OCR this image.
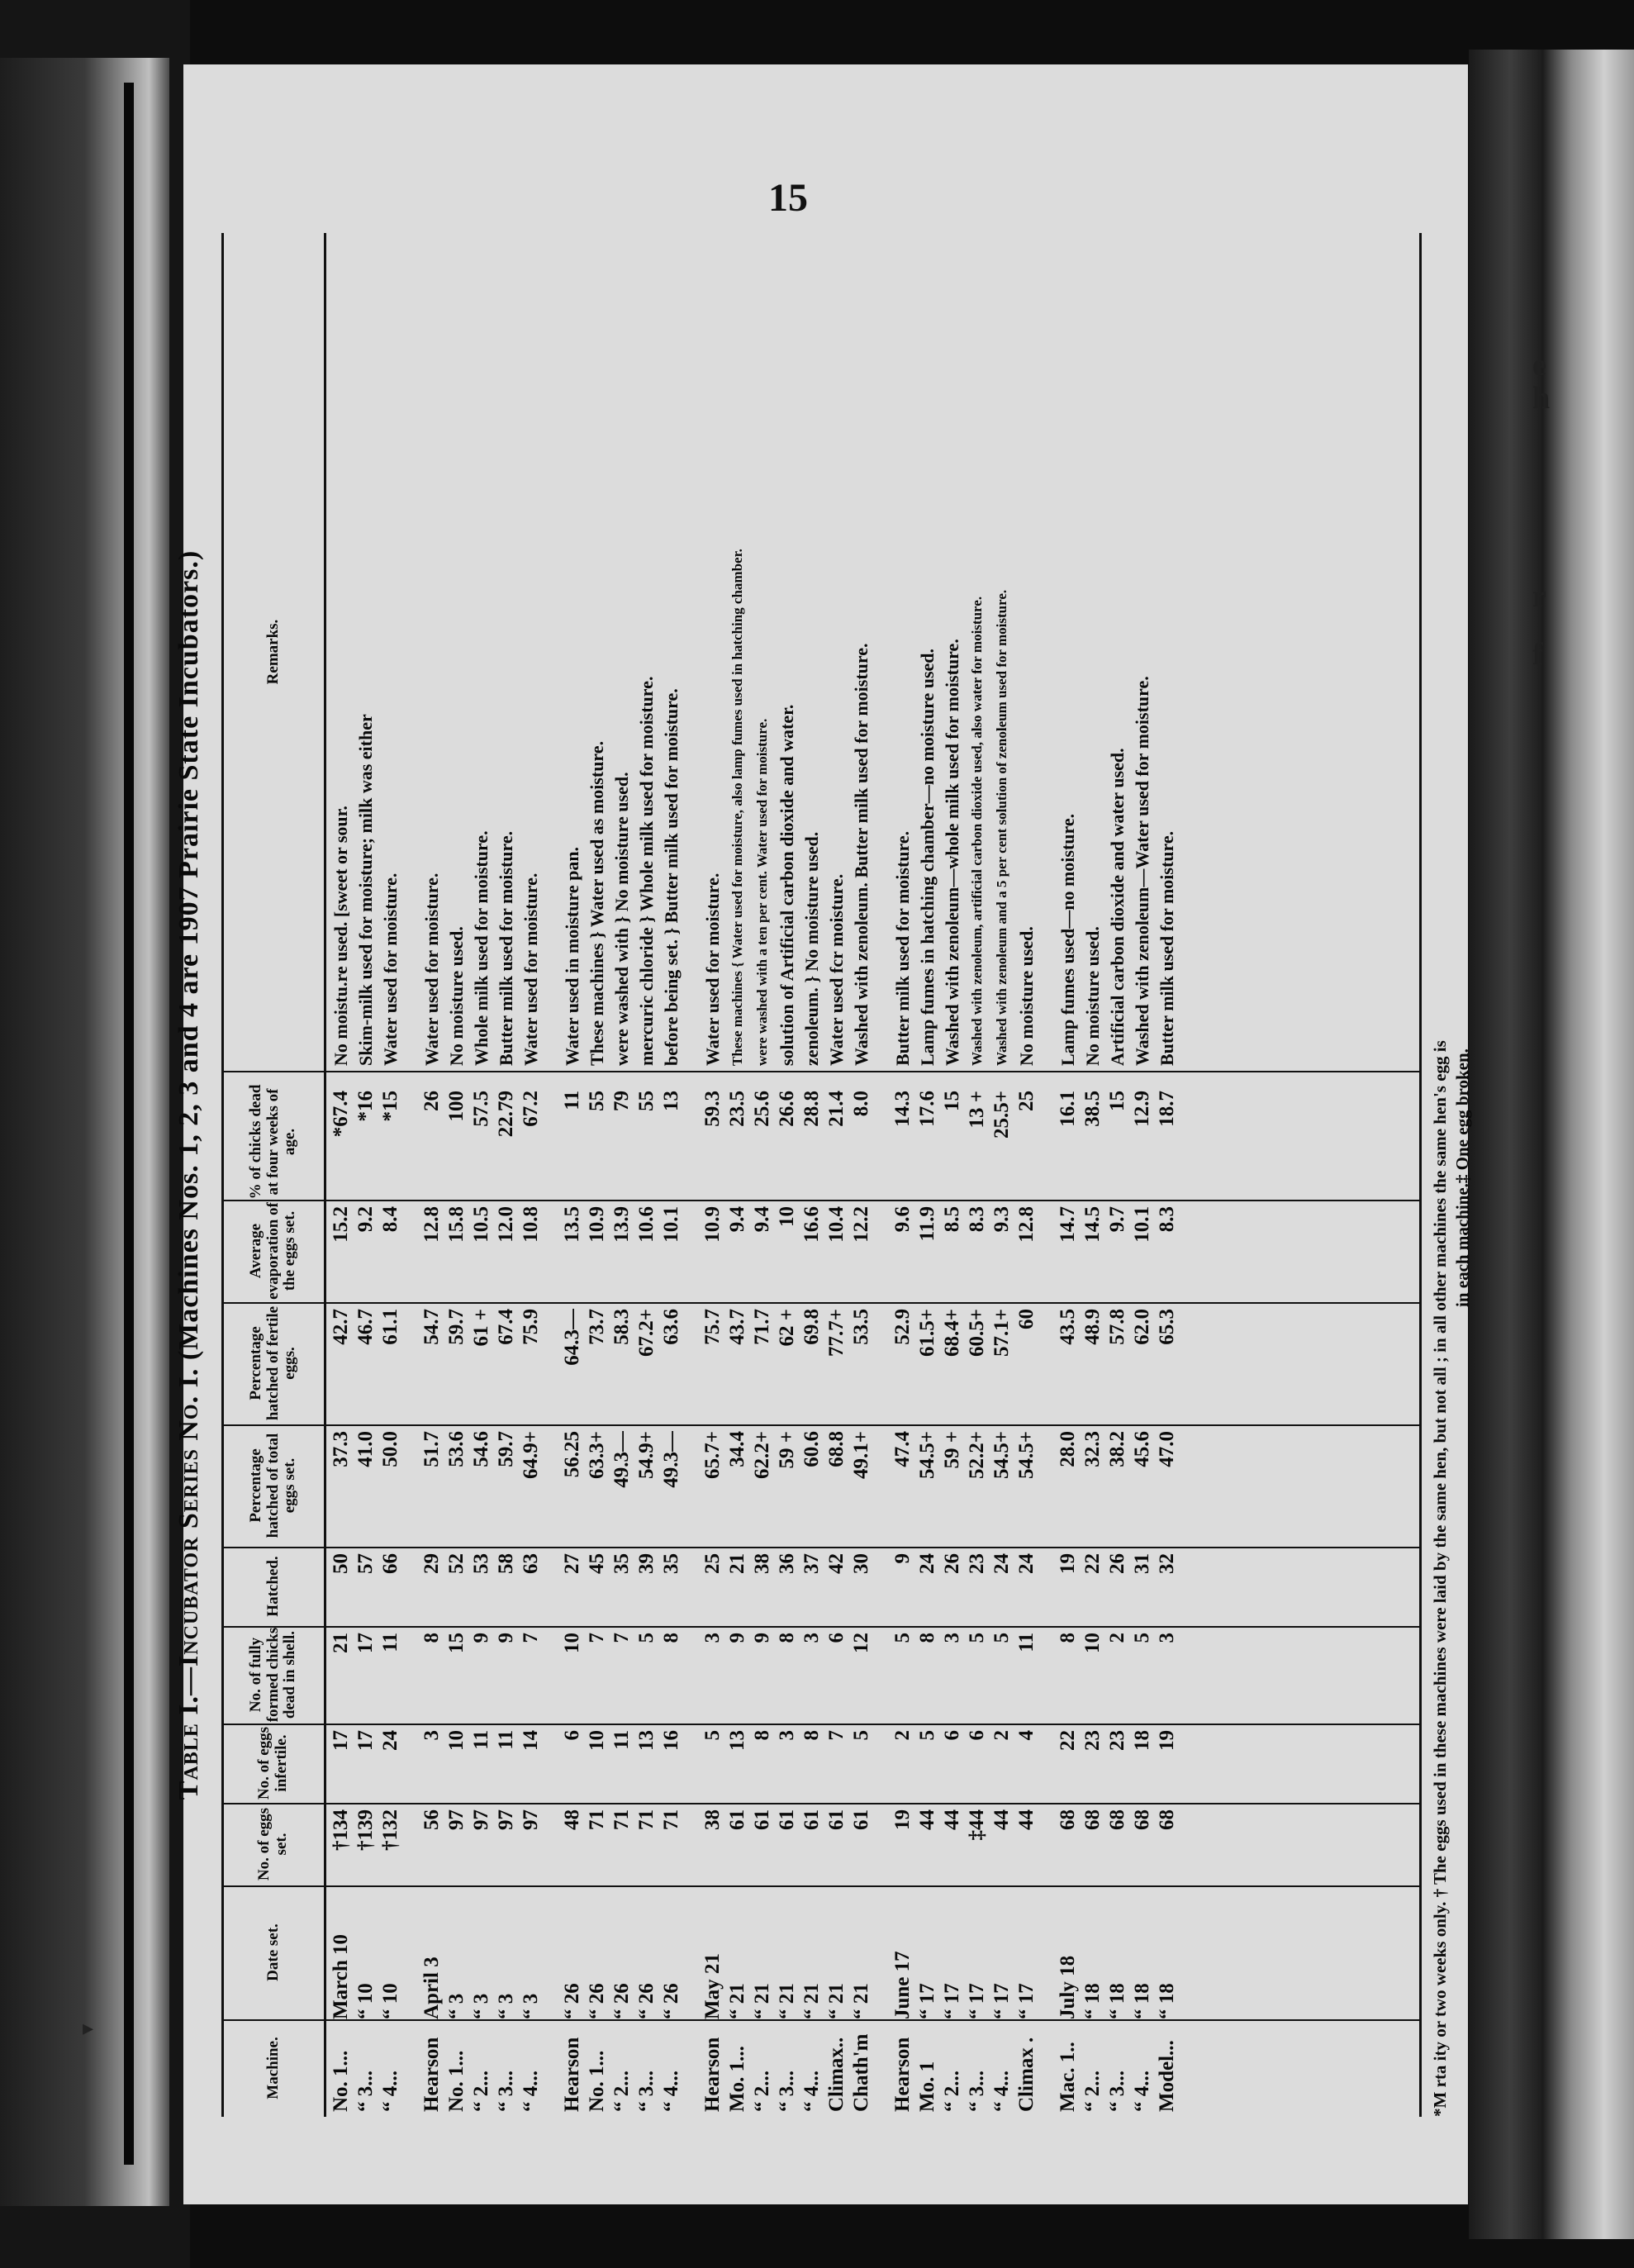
e
h
r
f
▸
15
Table I.—Incubator Series No. I. (Machines Nos. 1, 2, 3 and 4 are 1907 Prairie State Incubators.)
Machine.
Date set.
No. of eggs set.
No. of eggs infertile.
No. of fully formed chicks dead in shell.
Hatched.
Percentage hatched of total eggs set.
Percentage hatched of fertile eggs.
Average evaporation of the eggs set.
% of chicks dead at four weeks of age.
Remarks.
No. 1...
March 10
†134
17
21
50
37.3
42.7
15.2
*67.4
No moistu.re used. [sweet or sour.
“ 3...
“ 10
†139
17
17
57
41.0
46.7
9.2
*16
Skim-milk used for moisture; milk was either
“ 4...
“ 10
†132
24
11
66
50.0
61.1
8.4
*15
Water used for moisture.
Hearson
April 3
56
3
8
29
51.7
54.7
12.8
26
Water used for moisture.
No. 1...
“ 3
97
10
15
52
53.6
59.7
15.8
100
No moisture used.
“ 2...
“ 3
97
11
9
53
54.6
61 +
10.5
57.5
Whole milk used for moisture.
“ 3...
“ 3
97
11
9
58
59.7
67.4
12.0
22.79
Butter milk used for moisture.
“ 4...
“ 3
97
14
7
63
64.9+
75.9
10.8
67.2
Water used for moisture.
Hearson
“ 26
48
6
10
27
56.25
64.3—
13.5
11
Water used in moisture pan.
No. 1...
“ 26
71
10
7
45
63.3+
73.7
10.9
55
These machines } Water used as moisture.
“ 2...
“ 26
71
11
7
35
49.3—
58.3
13.9
79
were washed with } No moisture used.
“ 3...
“ 26
71
13
5
39
54.9+
67.2+
10.6
55
mercuric chloride } Whole milk used for moisture.
“ 4...
“ 26
71
16
8
35
49.3—
63.6
10.1
13
before being set. } Butter milk used for moisture.
Hearson
May 21
38
5
3
25
65.7+
75.7
10.9
59.3
Water used for moisture.
Mo. 1...
“ 21
61
13
9
21
34.4
43.7
9.4
23.5
These machines { Water used for moisture, also lamp fumes used in hatching chamber.
“ 2...
“ 21
61
8
9
38
62.2+
71.7
9.4
25.6
were washed with a ten per cent. Water used for moisture.
“ 3...
“ 21
61
3
8
36
59 +
62 +
10
26.6
solution of Artificial carbon dioxide and water.
“ 4...
“ 21
61
8
3
37
60.6
69.8
16.6
28.8
zenoleum. } No moisture used.
Climax..
“ 21
61
7
6
42
68.8
77.7+
10.4
21.4
Water used fcr moisture.
Chath'm
“ 21
61
5
12
30
49.1+
53.5
12.2
8.0
Washed with zenoleum. Butter milk used for moisture.
Hearson
June 17
19
2
5
9
47.4
52.9
9.6
14.3
Butter milk used for moisture.
Mo. 1
“ 17
44
5
8
24
54.5+
61.5+
11.9
17.6
Lamp fumes in hatching chamber—no moisture used.
“ 2...
“ 17
44
6
3
26
59 +
68.4+
8.5
15
Washed with zenoleum—whole milk used for moisture.
“ 3...
“ 17
‡44
6
5
23
52.2+
60.5+
8.3
13 +
Washed with zenoleum, artificial carbon dioxide used, also water for moisture.
“ 4...
“ 17
44
2
5
24
54.5+
57.1+
9.3
25.5+
Washed with zenoleum and a 5 per cent solution of zenoleum used for moisture.
Climax .
“ 17
44
4
11
24
54.5+
60
12.8
25
No moisture used.
Mac. 1..
July 18
68
22
8
19
28.0
43.5
14.7
16.1
Lamp fumes used—no moisture.
“ 2...
“ 18
68
23
10
22
32.3
48.9
14.5
38.5
No moisture used.
“ 3...
“ 18
68
23
2
26
38.2
57.8
9.7
15
Artificial carbon dioxide and water used.
“ 4...
“ 18
68
18
5
31
45.6
62.0
10.1
12.9
Washed with zenoleum—Water used for moisture.
Model...
“ 18
68
19
3
32
47.0
65.3
8.3
18.7
Butter milk used for moisture.
*M rta ity or two weeks only. † The eggs used in these machines were laid by the same hen, but not all ; in all other machines the same hen's egg is in each machine.‡ One egg broken.
